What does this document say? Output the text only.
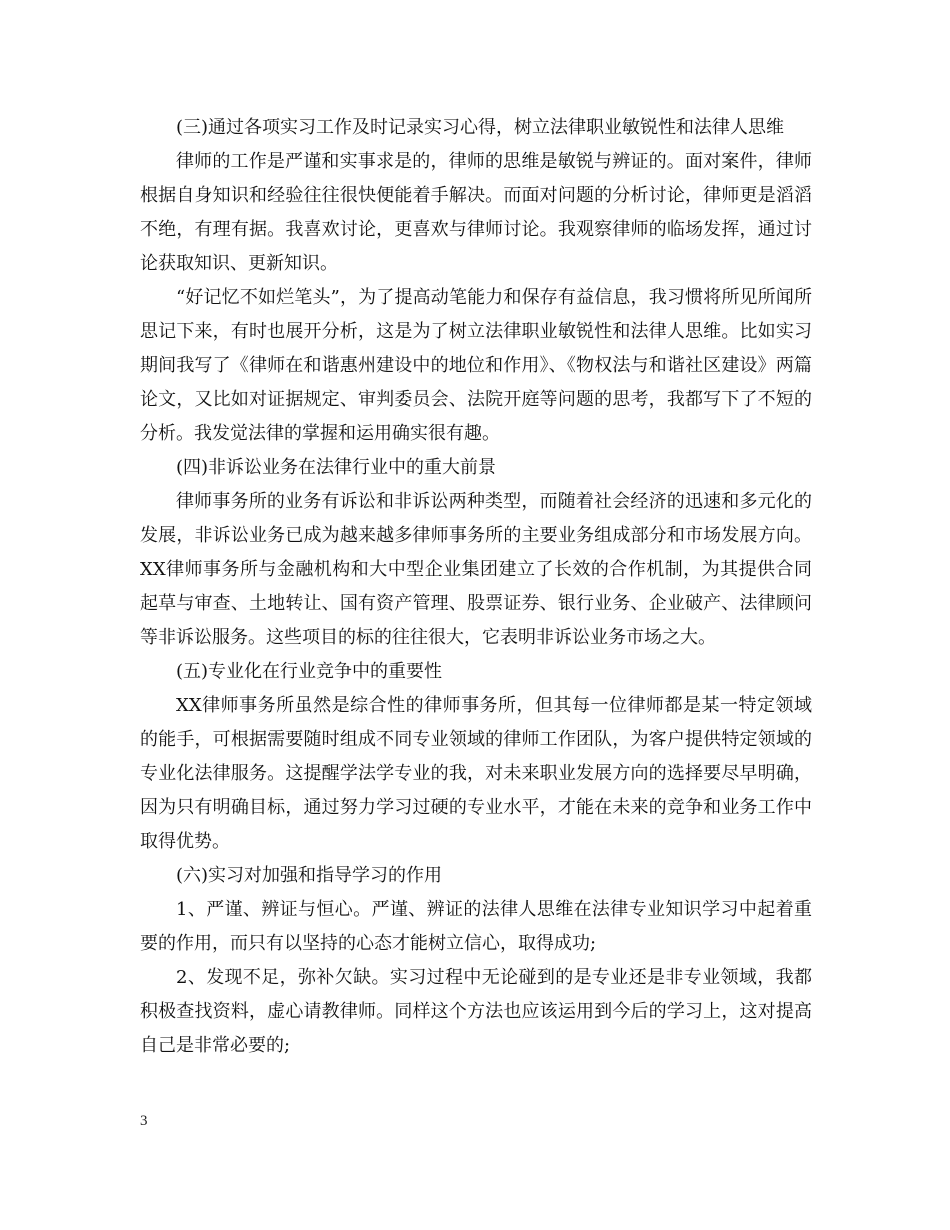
(三)通过各项实习工作及时记录实习心得，树立法律职业敏锐性和法律人思维

律师的工作是严谨和实事求是的，律师的思维是敏锐与辨证的。面对案件，律师根据自身知识和经验往往很快便能着手解决。而面对问题的分析讨论，律师更是滔滔不绝，有理有据。我喜欢讨论，更喜欢与律师讨论。我观察律师的临场发挥，通过讨论获取知识、更新知识。

“好记忆不如烂笔头”，为了提高动笔能力和保存有益信息，我习惯将所见所闻所思记下来，有时也展开分析，这是为了树立法律职业敏锐性和法律人思维。比如实习期间我写了《律师在和谐惠州建设中的地位和作用》、《物权法与和谐社区建设》两篇论文，又比如对证据规定、审判委员会、法院开庭等问题的思考，我都写下了不短的分析。我发觉法律的掌握和运用确实很有趣。

(四)非诉讼业务在法律行业中的重大前景

律师事务所的业务有诉讼和非诉讼两种类型，而随着社会经济的迅速和多元化的发展，非诉讼业务已成为越来越多律师事务所的主要业务组成部分和市场发展方向。XX律师事务所与金融机构和大中型企业集团建立了长效的合作机制，为其提供合同起草与审查、土地转让、国有资产管理、股票证券、银行业务、企业破产、法律顾问等非诉讼服务。这些项目的标的往往很大，它表明非诉讼业务市场之大。

(五)专业化在行业竞争中的重要性

XX律师事务所虽然是综合性的律师事务所，但其每一位律师都是某一特定领域的能手，可根据需要随时组成不同专业领域的律师工作团队，为客户提供特定领域的专业化法律服务。这提醒学法学专业的我，对未来职业发展方向的选择要尽早明确，因为只有明确目标，通过努力学习过硬的专业水平，才能在未来的竞争和业务工作中取得优势。

(六)实习对加强和指导学习的作用

1、严谨、辨证与恒心。严谨、辨证的法律人思维在法律专业知识学习中起着重要的作用，而只有以坚持的心态才能树立信心，取得成功;

2、发现不足，弥补欠缺。实习过程中无论碰到的是专业还是非专业领域，我都积极查找资料，虚心请教律师。同样这个方法也应该运用到今后的学习上，这对提高自己是非常必要的;

3
